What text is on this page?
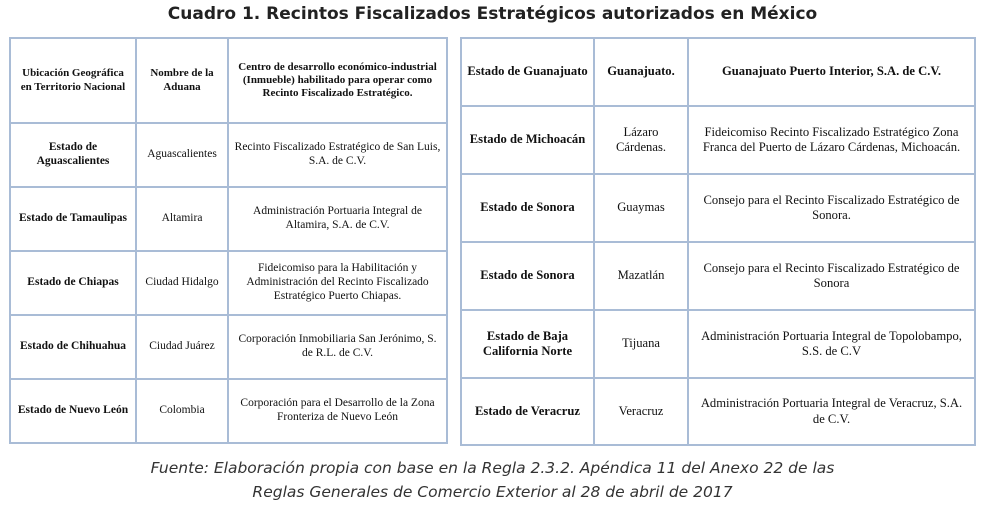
Cuadro 1. Recintos Fiscalizados Estratégicos autorizados en México
Ubicación Geográfica en Territorio Nacional	Nombre de la Aduana	Centro de desarrollo económico-industrial (Inmueble) habilitado para operar como Recinto Fiscalizado Estratégico.
Estado de Aguascalientes	Aguascalientes	Recinto Fiscalizado Estratégico de San Luis, S.A. de C.V.
Estado de Tamaulipas	Altamira	Administración Portuaria Integral de Altamira, S.A. de C.V.
Estado de Chiapas	Ciudad Hidalgo	Fideicomiso para la Habilitación y Administración del Recinto Fiscalizado Estratégico Puerto Chiapas.
Estado de Chihuahua	Ciudad Juárez	Corporación Inmobiliaria San Jerónimo, S. de R.L. de C.V.
Estado de Nuevo León	Colombia	Corporación para el Desarrollo de la Zona Fronteriza de Nuevo León
Estado de Guanajuato	Guanajuato.	Guanajuato Puerto Interior, S.A. de C.V.
Estado de Michoacán	Lázaro Cárdenas.	Fideicomiso Recinto Fiscalizado Estratégico Zona Franca del Puerto de Lázaro Cárdenas, Michoacán.
Estado de Sonora	Guaymas	Consejo para el Recinto Fiscalizado Estratégico de Sonora.
Estado de Sonora	Mazatlán	Consejo para el Recinto Fiscalizado Estratégico de Sonora
Estado de Baja California Norte	Tijuana	Administración Portuaria Integral de Topolobampo, S.S. de C.V
Estado de Veracruz	Veracruz	Administración Portuaria Integral de Veracruz, S.A. de C.V.
Fuente: Elaboración propia con base en la Regla 2.3.2. Apéndica 11 del Anexo 22 de las
Reglas Generales de Comercio Exterior al 28 de abril de 2017
